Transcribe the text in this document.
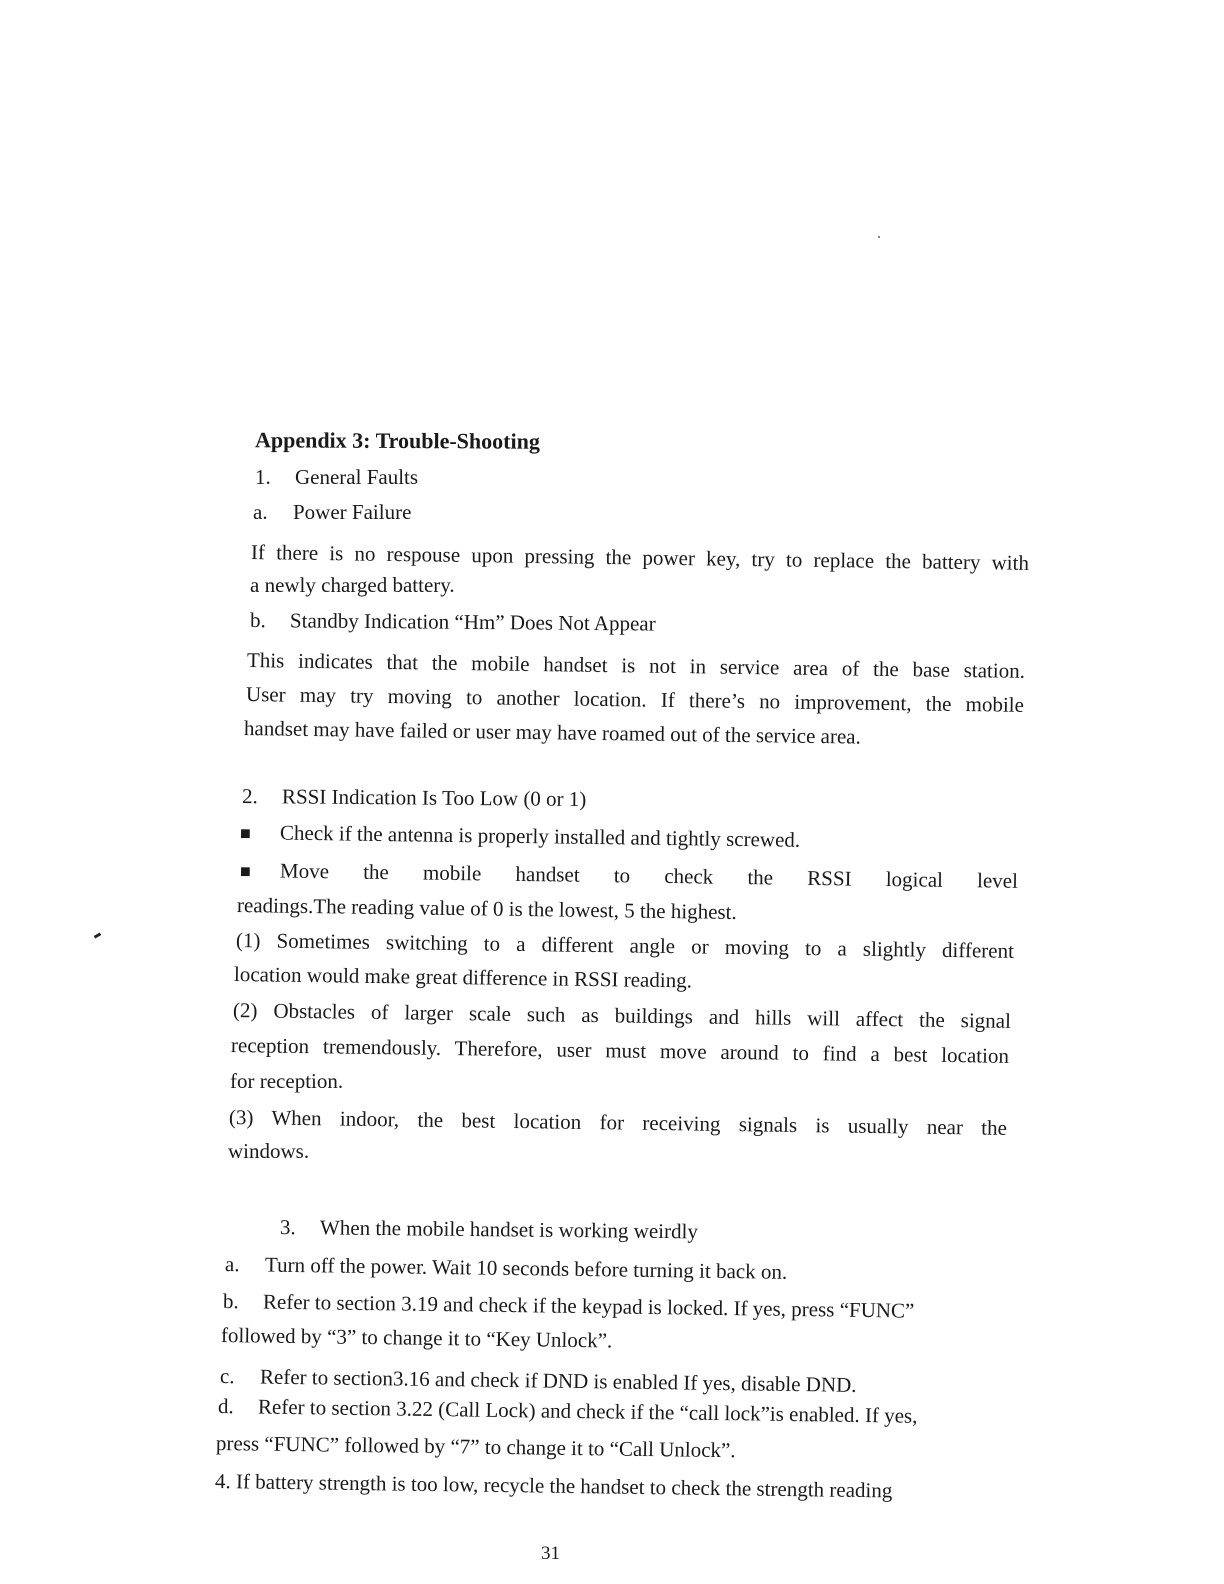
Appendix 3: Trouble-Shooting
1. General Faults
a. Power Failure
If there is no respouse upon pressing the power key, try to replace the battery with
a newly charged battery.
b. Standby Indication “Hm” Does Not Appear
This indicates that the mobile handset is not in service area of the base station.
User may try moving to another location. If there’s no improvement, the mobile
handset may have failed or user may have roamed out of the service area.
2. RSSI Indication Is Too Low (0 or 1)
■ Check if the antenna is properly installed and tightly screwed.
■ Move the mobile handset to check the RSSI logical level
readings.The reading value of 0 is the lowest, 5 the highest.
(1) Sometimes switching to a different angle or moving to a slightly different
location would make great difference in RSSI reading.
(2) Obstacles of larger scale such as buildings and hills will affect the signal
reception tremendously. Therefore, user must move around to find a best location
for reception.
(3) When indoor, the best location for receiving signals is usually near the
windows.
3. When the mobile handset is working weirdly
a. Turn off the power. Wait 10 seconds before turning it back on.
b. Refer to section 3.19 and check if the keypad is locked. If yes, press “FUNC”
followed by “3” to change it to “Key Unlock”.
c. Refer to section3.16 and check if DND is enabled If yes, disable DND.
d. Refer to section 3.22 (Call Lock) and check if the “call lock”is enabled. If yes,
press “FUNC” followed by “7” to change it to “Call Unlock”.
4. If battery strength is too low, recycle the handset to check the strength reading
31
